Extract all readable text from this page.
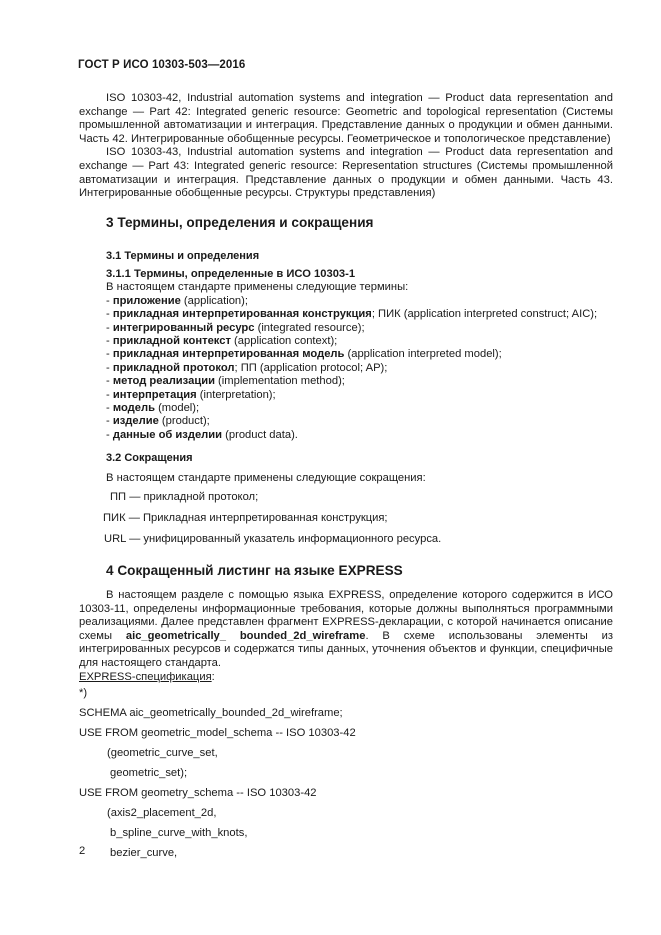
ГОСТ Р ИСО 10303-503—2016

ISO 10303-42, Industrial automation systems and integration — Product data representation and exchange — Part 42: Integrated generic resource: Geometric and topological representation (Системы промышленной автоматизации и интеграция. Представление данных о продукции и обмен данными. Часть 42. Интегрированные обобщенные ресурсы. Геометрическое и топологическое представление)

ISO 10303-43, Industrial automation systems and integration — Product data representation and exchange — Part 43: Integrated generic resource: Representation structures (Системы промышленной автоматизации и интеграция. Представление данных о продукции и обмен данными. Часть 43. Интегрированные обобщенные ресурсы. Структуры представления)

3 Термины, определения и сокращения
3.1 Термины и определения
3.1.1 Термины, определенные в ИСО 10303-1
В настоящем стандарте применены следующие термины:
- приложение (application);
- прикладная интерпретированная конструкция; ПИК (application interpreted construct; AIC);
- интегрированный ресурс (integrated resource);
- прикладной контекст (application context);
- прикладная интерпретированная модель (application interpreted model);
- прикладной протокол; ПП (application protocol; AP);
- метод реализации (implementation method);
- интерпретация (interpretation);
- модель (model);
- изделие (product);
- данные об изделии (product data).
3.2 Сокращения
В настоящем стандарте применены следующие сокращения:
ПП — прикладной протокол;
ПИК — Прикладная интерпретированная конструкция;
URL — унифицированный указатель информационного ресурса.
4 Сокращенный листинг на языке EXPRESS

В настоящем разделе с помощью языка EXPRESS, определение которого содержится в ИСО 10303-11, определены информационные требования, которые должны выполняться программными реализациями. Далее представлен фрагмент EXPRESS-декларации, с которой начинается описание схемы aic_geometrically_ bounded_2d_wireframe. В схеме использованы элементы из интегрированных ресурсов и содержатся типы данных, уточнения объектов и функции, специфичные для настоящего стандарта.

EXPRESS-спецификация:
*)
SCHEMA aic_geometrically_bounded_2d_wireframe;
USE FROM geometric_model_schema -- ISO 10303-42
(geometric_curve_set,
geometric_set);
USE FROM geometry_schema -- ISO 10303-42
(axis2_placement_2d,
b_spline_curve_with_knots,
bezier_curve,
2
